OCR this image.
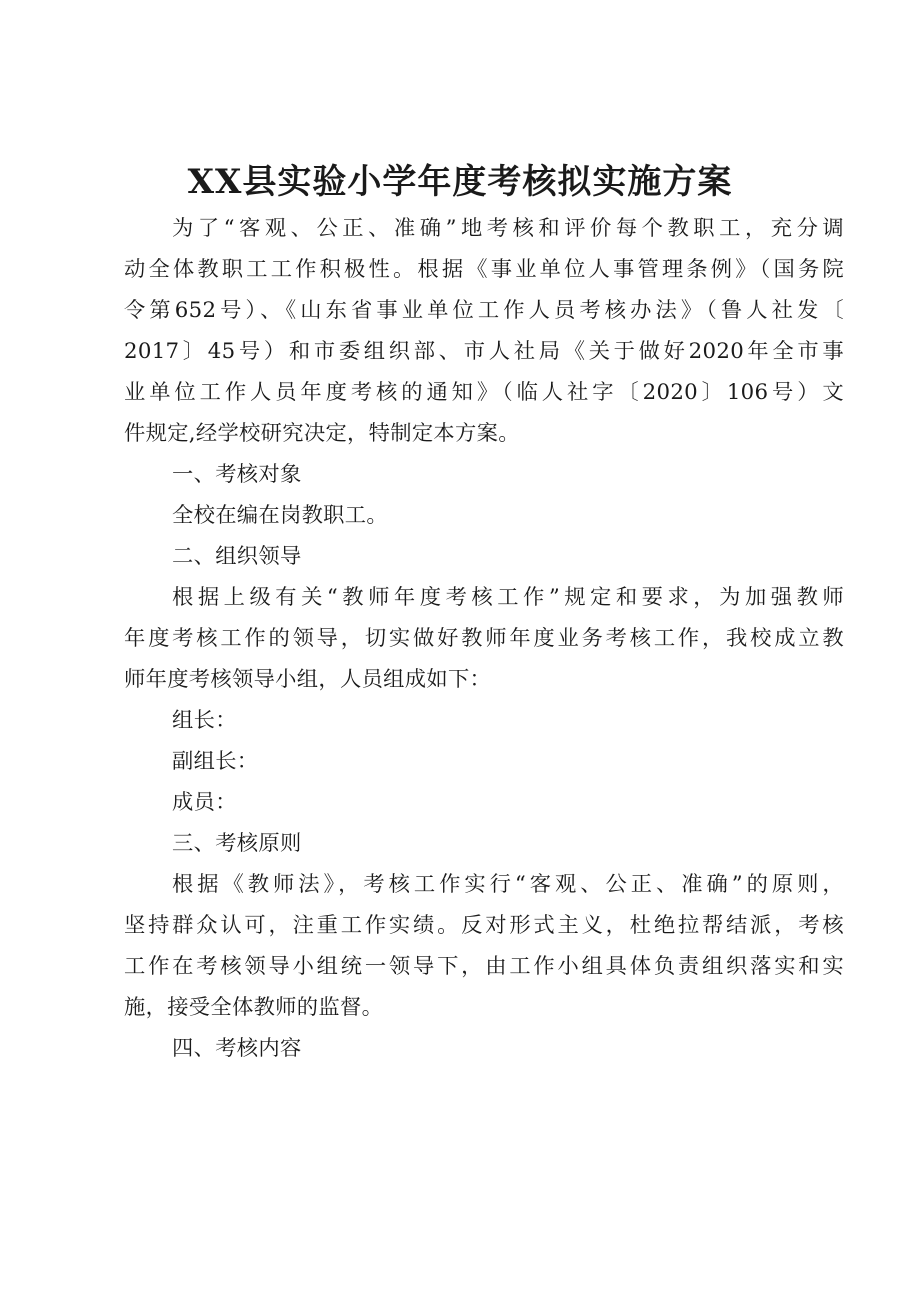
XX县实验小学年度考核拟实施方案
为了“客观、公正、准确”地考核和评价每个教职工，充分调
动全体教职工工作积极性。根据《事业单位人事管理条例》（国务院
令第652号）、《山东省事业单位工作人员考核办法》（鲁人社发〔
2017〕45号）和市委组织部、市人社局《关于做好2020年全市事
业单位工作人员年度考核的通知》（临人社字〔2020〕106号）文
件规定,经学校研究决定，特制定本方案。
一、考核对象
全校在编在岗教职工。
二、组织领导
根据上级有关“教师年度考核工作”规定和要求，为加强教师
年度考核工作的领导，切实做好教师年度业务考核工作，我校成立教
师年度考核领导小组，人员组成如下：
组长：
副组长：
成员：
三、考核原则
根据《教师法》，考核工作实行“客观、公正、准确”的原则，
坚持群众认可，注重工作实绩。反对形式主义，杜绝拉帮结派，考核
工作在考核领导小组统一领导下，由工作小组具体负责组织落实和实
施，接受全体教师的监督。
四、考核内容
